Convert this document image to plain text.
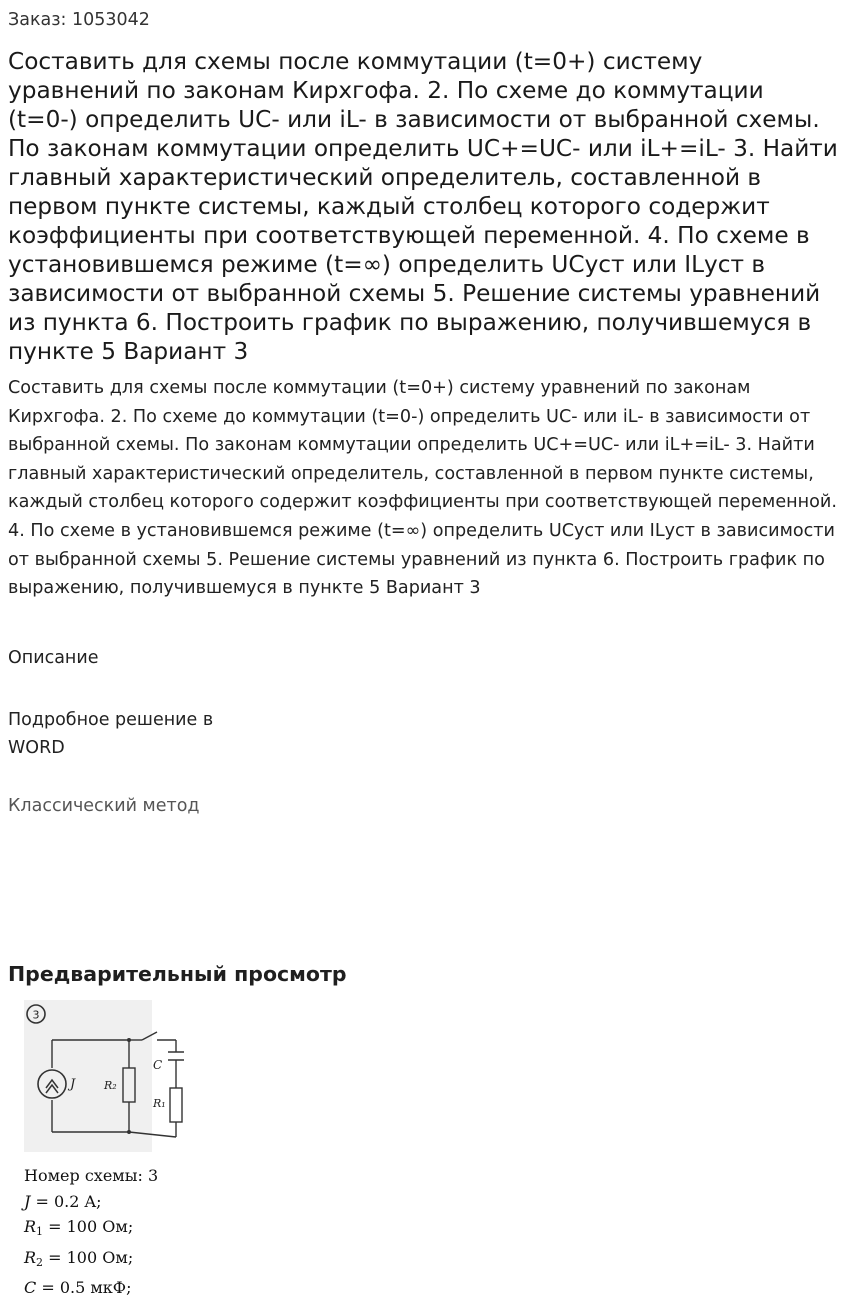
Заказ: 1053042
Составить для схемы после коммутации (t=0+) систему уравнений по законам Кирхгофа. 2. По схеме до коммутации (t=0-) определить UC- или iL- в зависимости от выбранной схемы. По законам коммутации определить UC+=UC- или iL+=iL- 3. Найти главный характеристический определитель, составленной в первом пункте системы, каждый столбец которого содержит коэффициенты при соответствующей переменной. 4. По схеме в установившемся режиме (t=∞) определить UCуст или ILуст в зависимости от выбранной схемы 5. Решение системы уравнений из пункта 6. Построить график по выражению, получившемуся в пункте 5 Вариант 3

Составить для схемы после коммутации (t=0+) систему уравнений по законам Кирхгофа. 2. По схеме до коммутации (t=0-) определить UC- или iL- в зависимости от выбранной схемы. По законам коммутации определить UC+=UC- или iL+=iL- 3. Найти главный характеристический определитель, составленной в первом пункте системы, каждый столбец которого содержит коэффициенты при соответствующей переменной. 4. По схеме в установившемся режиме (t=∞) определить UCуст или ILуст в зависимости от выбранной схемы 5. Решение системы уравнений из пункта 6. Построить график по выражению, получившемуся в пункте 5 Вариант 3

Описание
Подробное решение в WORD
Классический метод
Предварительный просмотр
3
J	R₂
C
R₁
Номер схемы: 3
J = 0.2 A;
$R_1 = 100$ Ом;
$R_2 = 100$ Ом;
C = 0.5 мкФ;
